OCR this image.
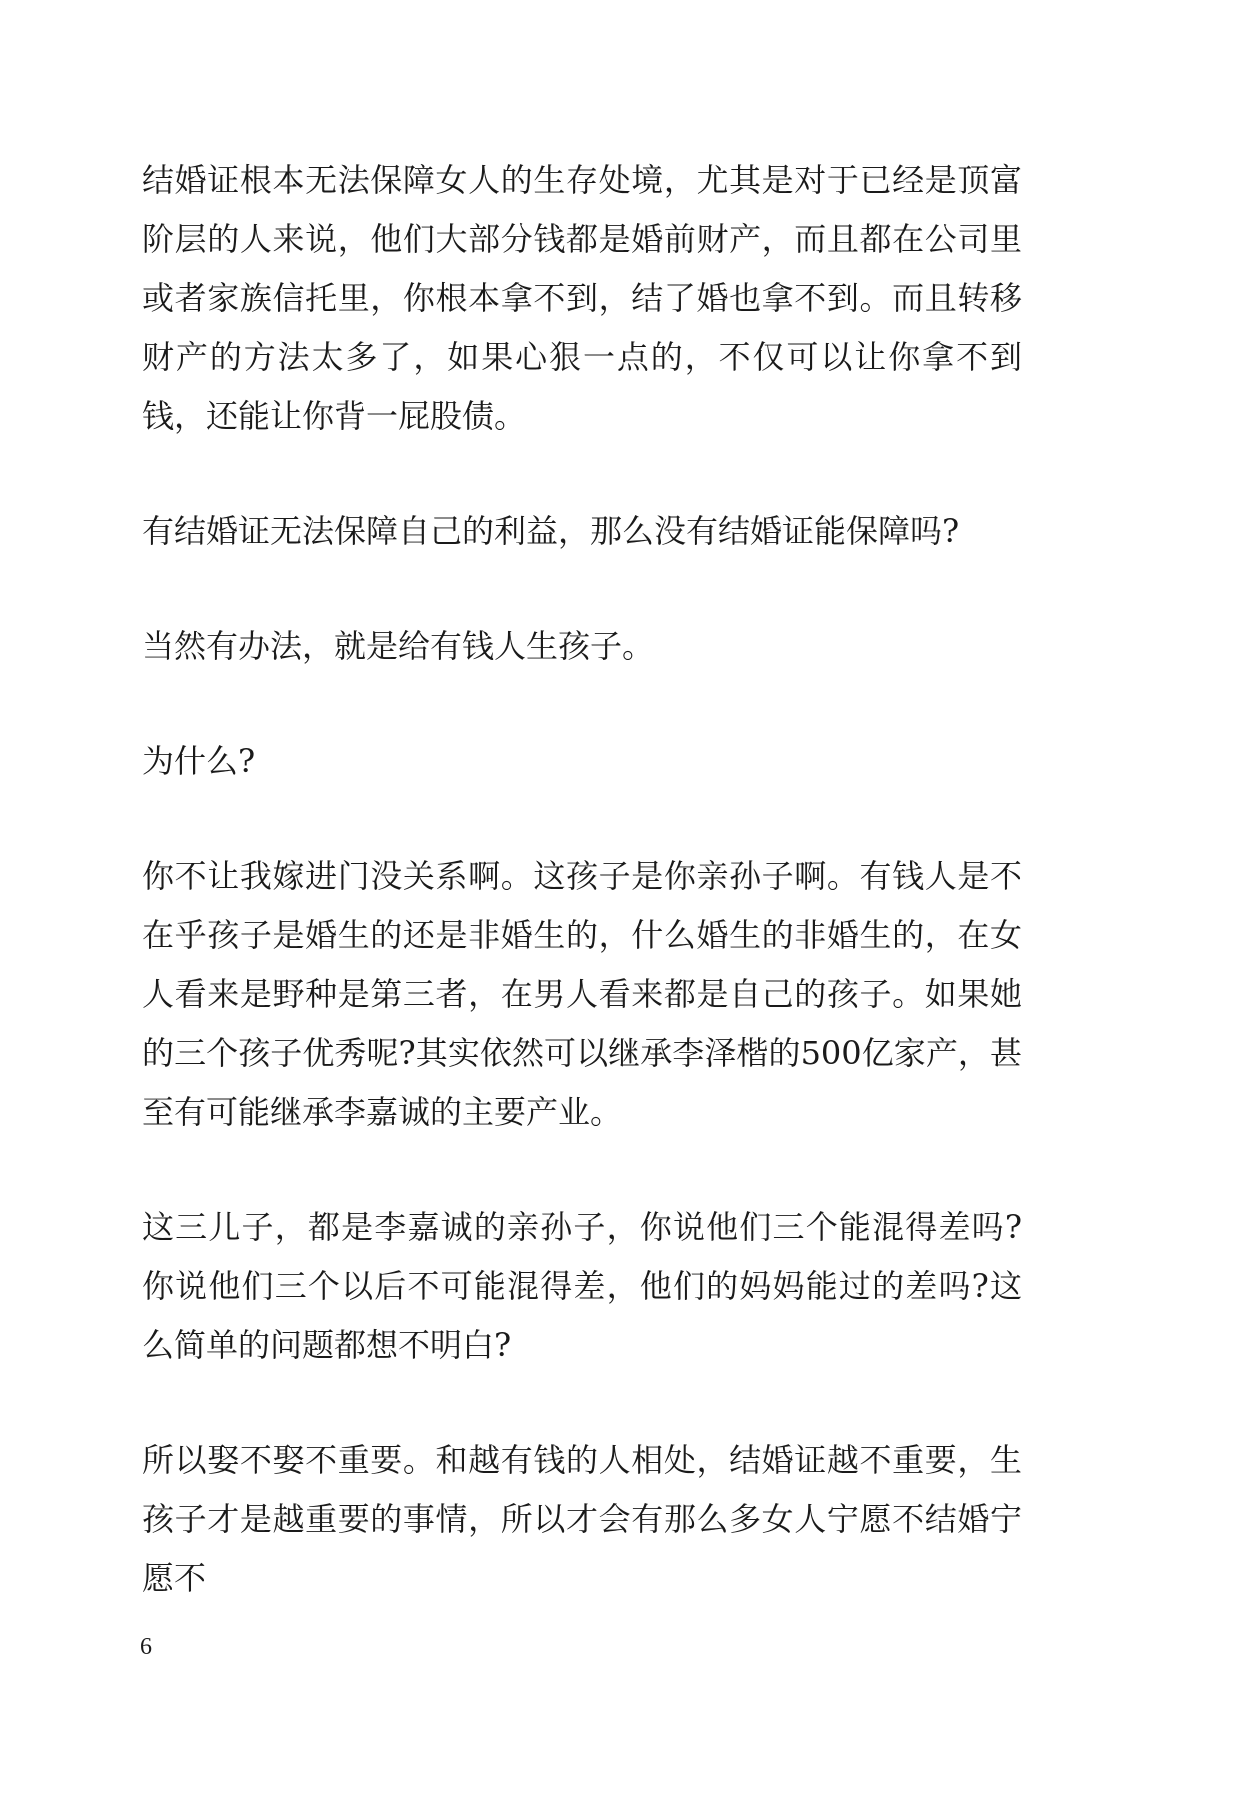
结婚证根本无法保障女人的生存处境，尤其是对于已经是顶富阶层的人来说，他们大部分钱都是婚前财产，而且都在公司里或者家族信托里，你根本拿不到，结了婚也拿不到。而且转移财产的方法太多了，如果心狠一点的，不仅可以让你拿不到钱，还能让你背一屁股债。

有结婚证无法保障自己的利益，那么没有结婚证能保障吗?

当然有办法，就是给有钱人生孩子。

为什么?

你不让我嫁进门没关系啊。这孩子是你亲孙子啊。有钱人是不在乎孩子是婚生的还是非婚生的，什么婚生的非婚生的，在女人看来是野种是第三者，在男人看来都是自己的孩子。如果她的三个孩子优秀呢?其实依然可以继承李泽楷的500亿家产，甚至有可能继承李嘉诚的主要产业。

这三儿子，都是李嘉诚的亲孙子，你说他们三个能混得差吗?你说他们三个以后不可能混得差，他们的妈妈能过的差吗?这么简单的问题都想不明白?

所以娶不娶不重要。和越有钱的人相处，结婚证越不重要，生孩子才是越重要的事情，所以才会有那么多女人宁愿不结婚宁愿不

6
